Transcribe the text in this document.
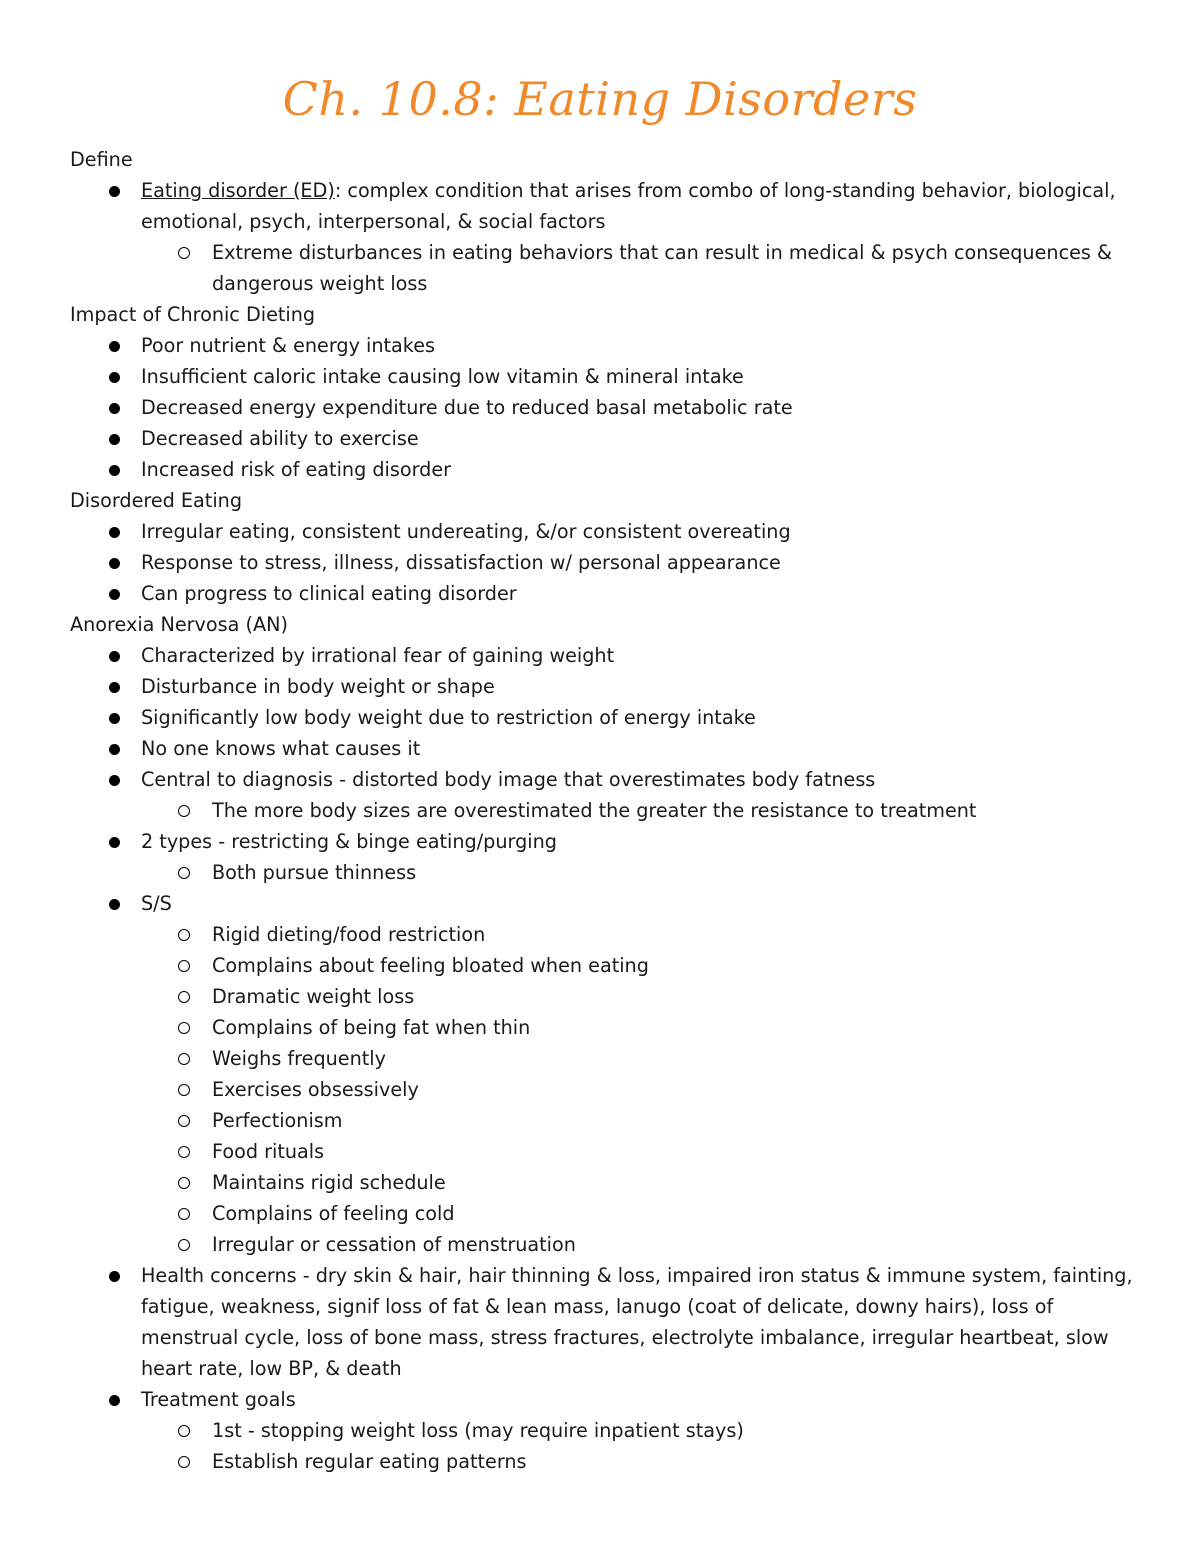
Ch. 10.8: Eating Disorders
Define
Eating disorder (ED): complex condition that arises from combo of long-standing behavior, biological, emotional, psych, interpersonal, & social factors
Extreme disturbances in eating behaviors that can result in medical & psych consequences & dangerous weight loss
Impact of Chronic Dieting
Poor nutrient & energy intakes
Insufficient caloric intake causing low vitamin & mineral intake
Decreased energy expenditure due to reduced basal metabolic rate
Decreased ability to exercise
Increased risk of eating disorder
Disordered Eating
Irregular eating, consistent undereating, &/or consistent overeating
Response to stress, illness, dissatisfaction w/ personal appearance
Can progress to clinical eating disorder
Anorexia Nervosa (AN)
Characterized by irrational fear of gaining weight
Disturbance in body weight or shape
Significantly low body weight due to restriction of energy intake
No one knows what causes it
Central to diagnosis - distorted body image that overestimates body fatness
The more body sizes are overestimated the greater the resistance to treatment
2 types - restricting & binge eating/purging
Both pursue thinness
S/S
Rigid dieting/food restriction
Complains about feeling bloated when eating
Dramatic weight loss
Complains of being fat when thin
Weighs frequently
Exercises obsessively
Perfectionism
Food rituals
Maintains rigid schedule
Complains of feeling cold
Irregular or cessation of menstruation
Health concerns - dry skin & hair, hair thinning & loss, impaired iron status & immune system, fainting, fatigue, weakness, signif loss of fat & lean mass, lanugo (coat of delicate, downy hairs), loss of menstrual cycle, loss of bone mass, stress fractures, electrolyte imbalance, irregular heartbeat, slow heart rate, low BP, & death
Treatment goals
1st - stopping weight loss (may require inpatient stays)
Establish regular eating patterns
